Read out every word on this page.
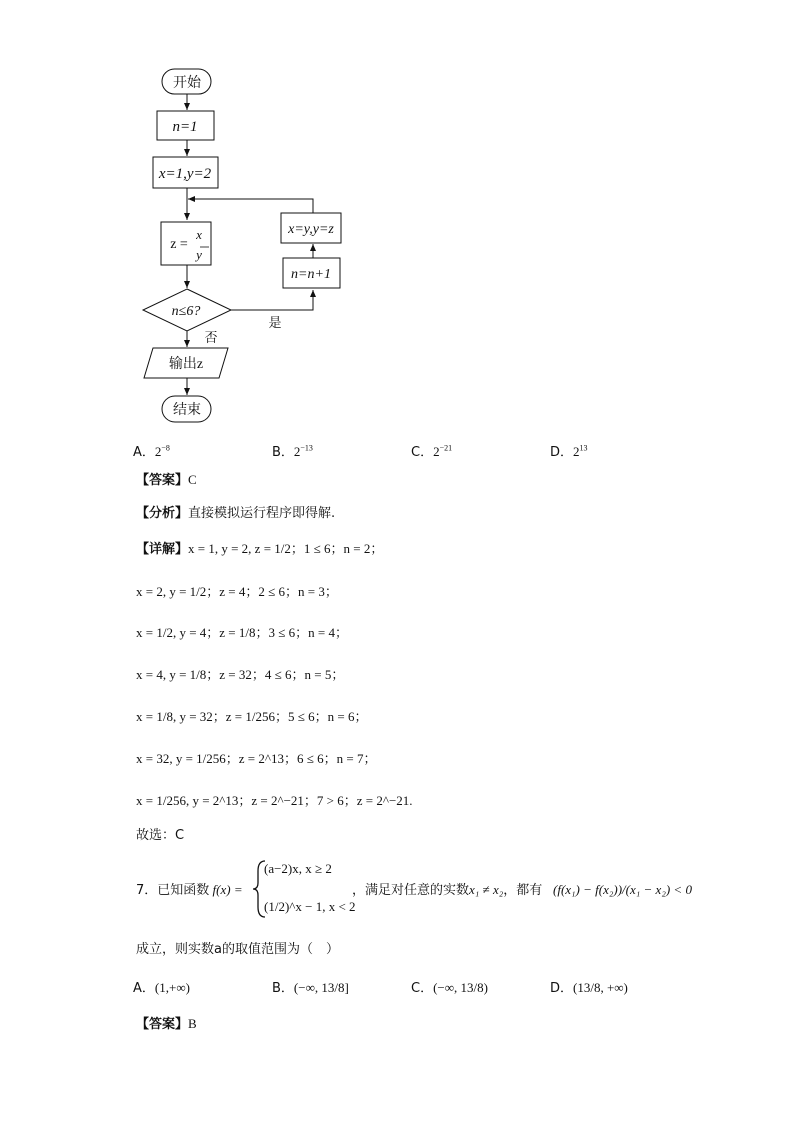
开始
n=1
x=1,y=2
z =
x
y
x=y,y=z
n=n+1
n≤6?
是
否
输出z
结束
A．$2^{-8}$	B．$2^{-13}$	C．$2^{-21}$	D．$2^{13}$
【答案】C
【分析】直接模拟运行程序即得解.
【详解】x = 1, y = 2, z = 1/2；1 ≤ 6；n = 2；
x = 2, y = 1/2；z = 4；2 ≤ 6；n = 3；
x = 1/2, y = 4；z = 1/8；3 ≤ 6；n = 4；
x = 4, y = 1/8；z = 32；4 ≤ 6；n = 5；
x = 1/8, y = 32；z = 1/256；5 ≤ 6；n = 6；
x = 32, y = 1/256；z = 2^13；6 ≤ 6；n = 7；
x = 1/256, y = 2^13；z = 2^−21；7 > 6；z = 2^−21.
故选：C
7．已知函数 f(x) =
(a−2)x, x ≥ 2
(1/2)^x − 1, x < 2
，满足对任意的实数x₁ ≠ x₂，都有 (f(x₁) − f(x₂))/(x₁ − x₂) < 0
成立，则实数a的取值范围为（　）
A．(1,+∞)	B．(−∞, 13/8]	C．(−∞, 13/8)	D．(13/8, +∞)
【答案】B
